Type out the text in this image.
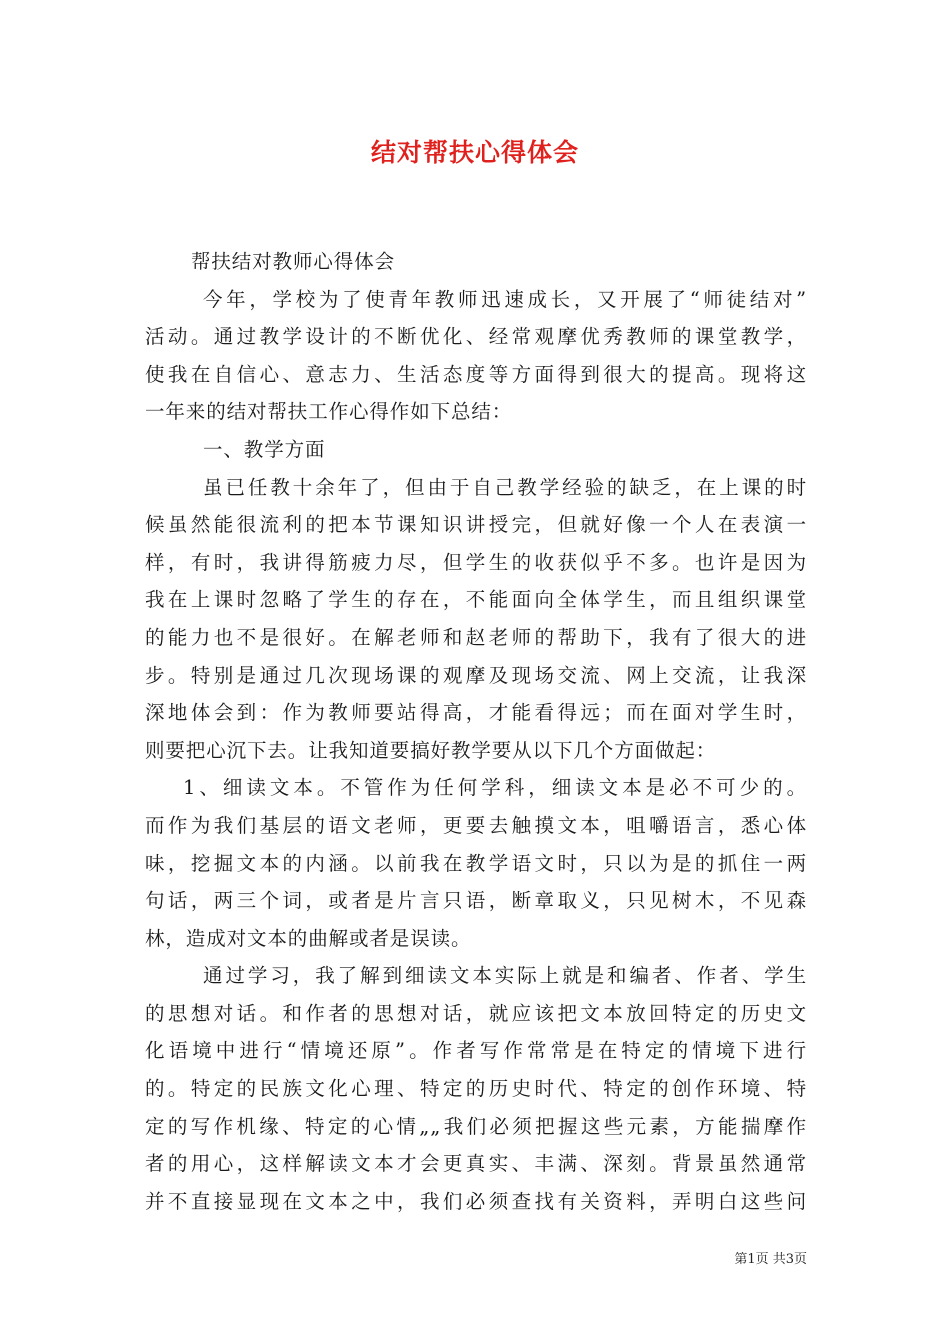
结对帮扶心得体会
帮扶结对教师心得体会
今年，学校为了使青年教师迅速成长，又开展了“师徒结对”
活动。通过教学设计的不断优化、经常观摩优秀教师的课堂教学，
使我在自信心、意志力、生活态度等方面得到很大的提高。现将这
一年来的结对帮扶工作心得作如下总结：
一、教学方面
虽已任教十余年了，但由于自己教学经验的缺乏，在上课的时
候虽然能很流利的把本节课知识讲授完，但就好像一个人在表演一
样，有时，我讲得筋疲力尽，但学生的收获似乎不多。也许是因为
我在上课时忽略了学生的存在，不能面向全体学生，而且组织课堂
的能力也不是很好。在解老师和赵老师的帮助下，我有了很大的进
步。特别是通过几次现场课的观摩及现场交流、网上交流，让我深
深地体会到：作为教师要站得高，才能看得远；而在面对学生时，
则要把心沉下去。让我知道要搞好教学要从以下几个方面做起：
1、细读文本。不管作为任何学科，细读文本是必不可少的。
而作为我们基层的语文老师，更要去触摸文本，咀嚼语言，悉心体
味，挖掘文本的内涵。以前我在教学语文时，只以为是的抓住一两
句话，两三个词，或者是片言只语，断章取义，只见树木，不见森
林，造成对文本的曲解或者是误读。
通过学习，我了解到细读文本实际上就是和编者、作者、学生
的思想对话。和作者的思想对话，就应该把文本放回特定的历史文
化语境中进行“情境还原”。作者写作常常是在特定的情境下进行
的。特定的民族文化心理、特定的历史时代、特定的创作环境、特
定的写作机缘、特定的心情„„我们必须把握这些元素，方能揣摩作
者的用心，这样解读文本才会更真实、丰满、深刻。背景虽然通常
并不直接显现在文本之中，我们必须查找有关资料，弄明白这些问
第1页 共3页
